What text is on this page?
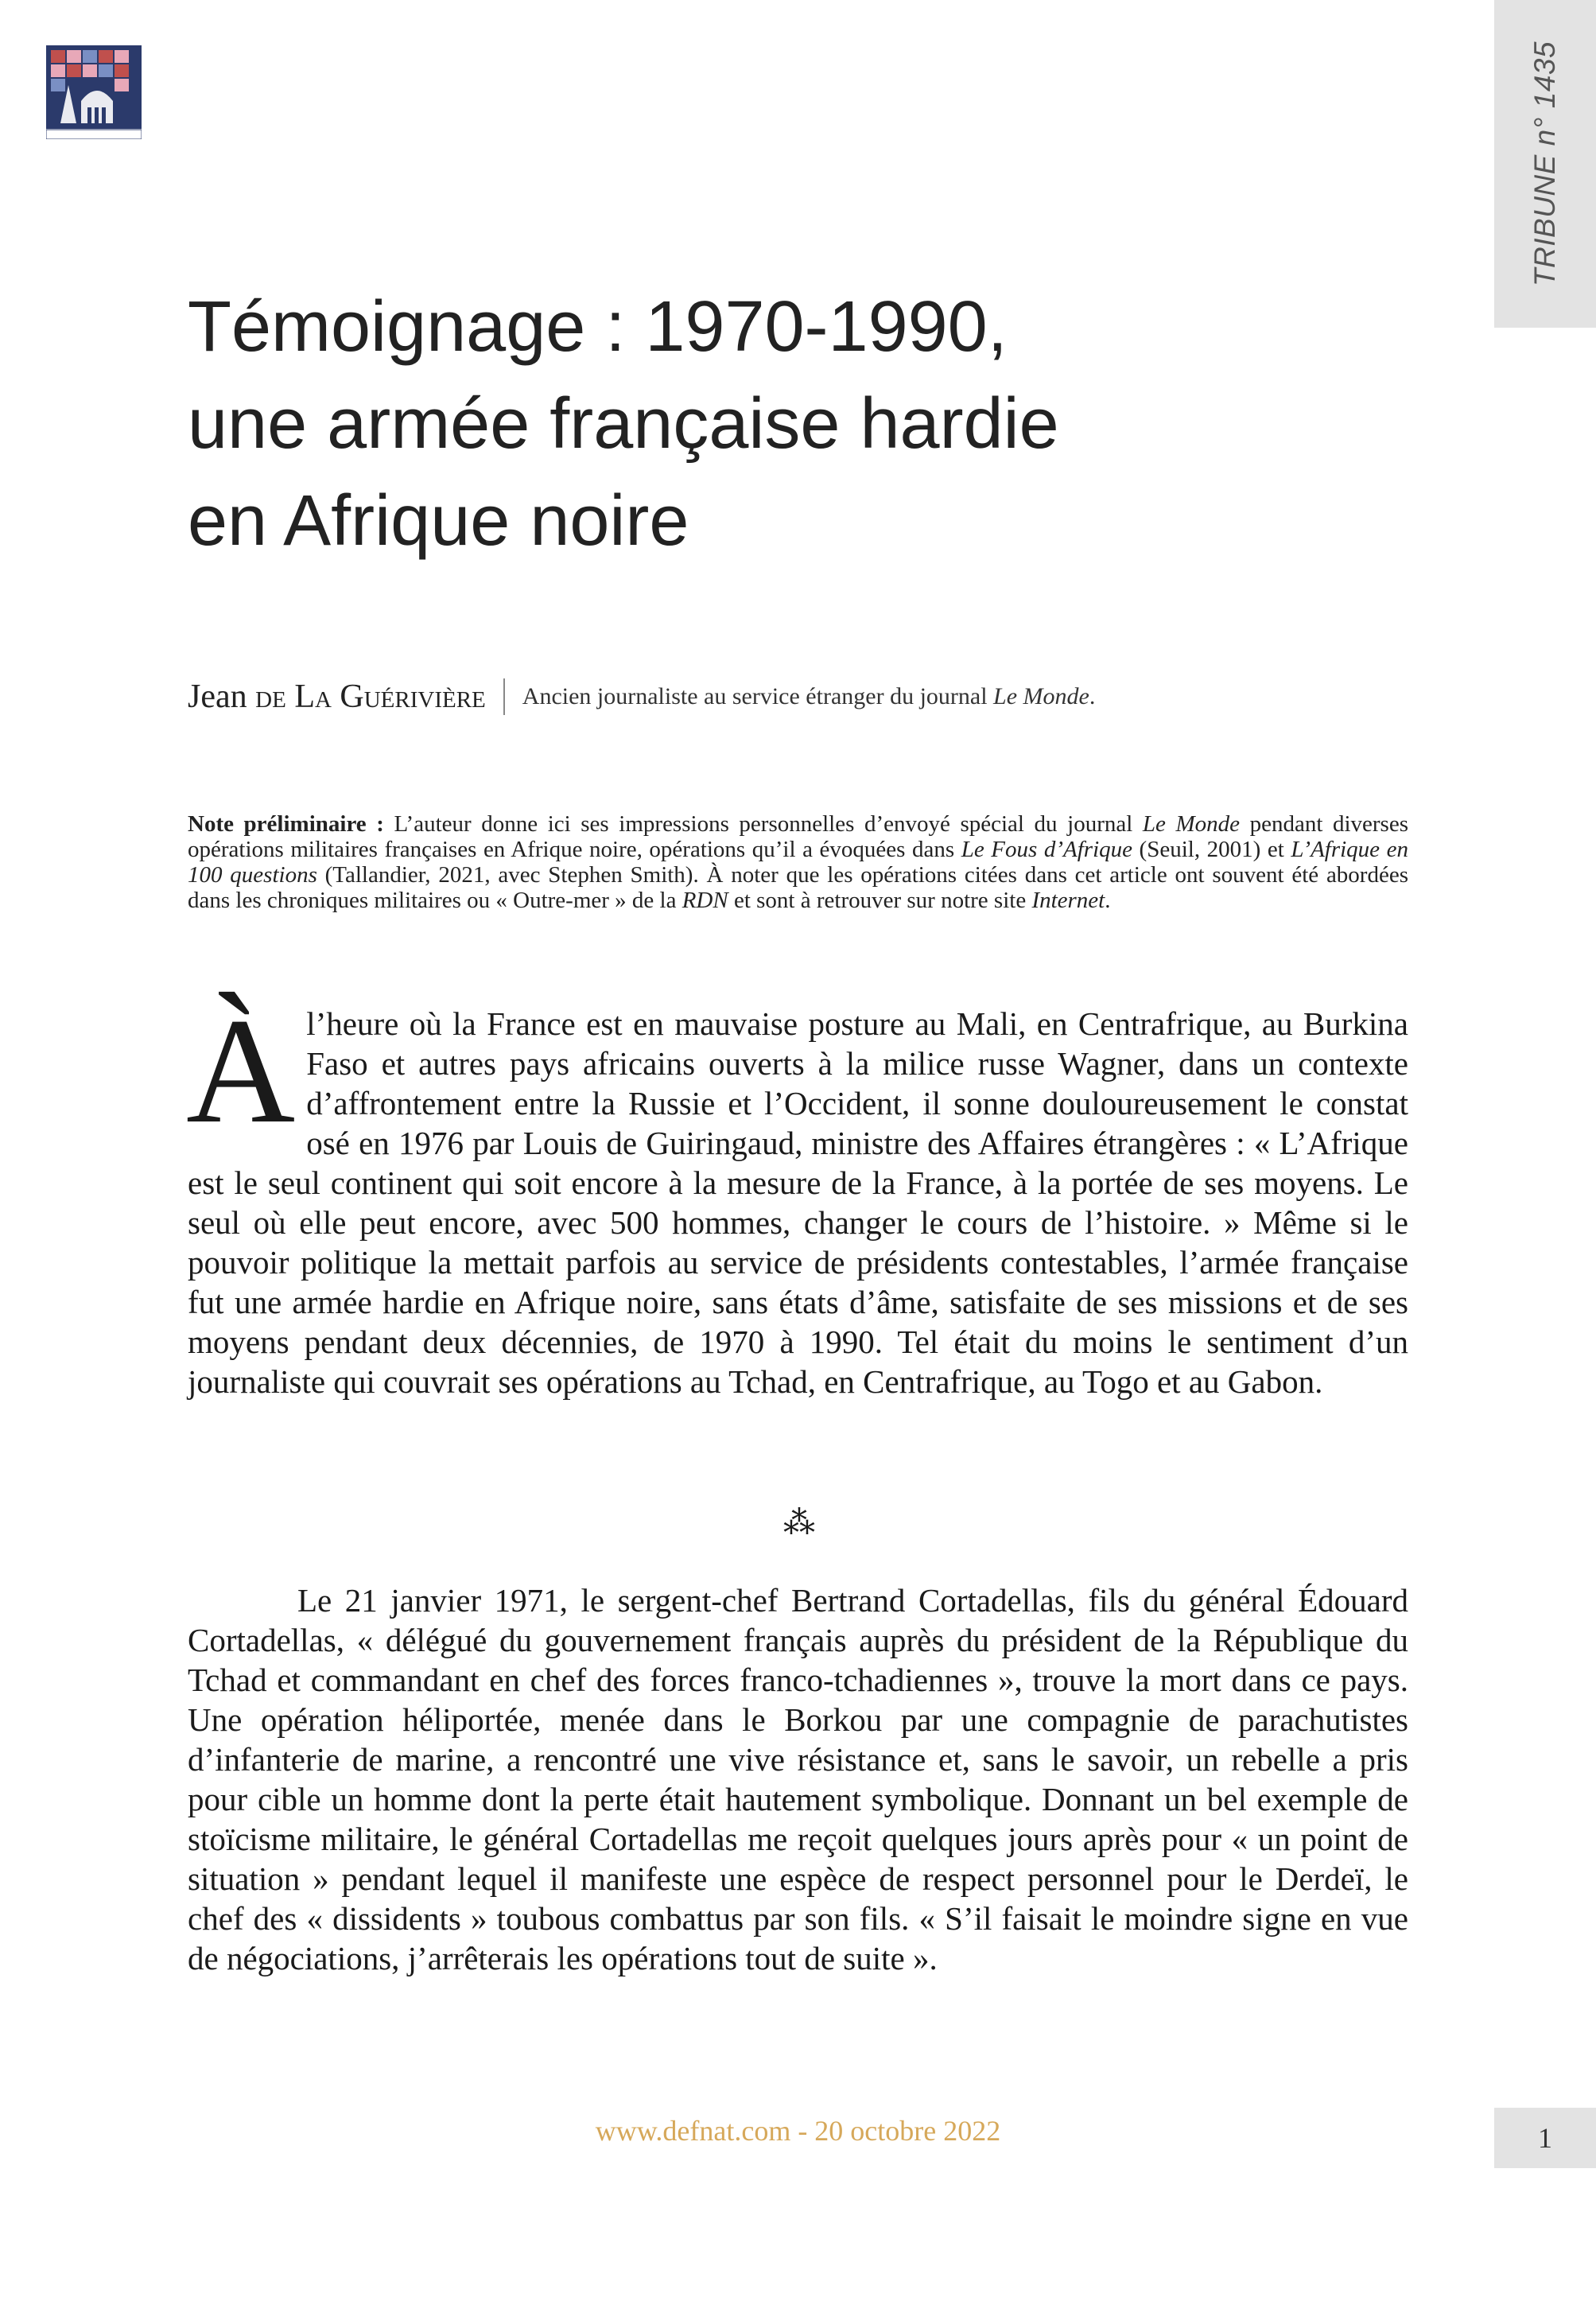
TRIBUNE n° 1435
Témoignage : 1970-1990,
une armée française hardie
en Afrique noire
Jean de La Guérivière Ancien journaliste au service étranger du journal Le Monde.

Note préliminaire : L’auteur donne ici ses impressions personnelles d’envoyé spécial du journal Le Monde pendant diverses opérations militaires françaises en Afrique noire, opérations qu’il a évoquées dans Le Fous d’Afrique (Seuil, 2001) et L’Afrique en 100 questions (Tallandier, 2021, avec Stephen Smith). À noter que les opérations citées dans cet article ont souvent été abordées dans les chroniques militaires ou « Outre-mer » de la RDN et sont à retrouver sur notre site Internet.

À l’heure où la France est en mauvaise posture au Mali, en Centrafrique, au Burkina Faso et autres pays africains ouverts à la milice russe Wagner, dans un contexte d’affrontement entre la Russie et l’Occident, il sonne douloureusement le constat osé en 1976 par Louis de Guiringaud, ministre des Affaires étrangères : « L’Afrique est le seul continent qui soit encore à la mesure de la France, à la portée de ses moyens. Le seul où elle peut encore, avec 500 hommes, changer le cours de l’histoire. » Même si le pouvoir politique la mettait parfois au service de présidents contestables, l’armée française fut une armée hardie en Afrique noire, sans états d’âme, satisfaite de ses missions et de ses moyens pendant deux décennies, de 1970 à 1990. Tel était du moins le sentiment d’un journaliste qui couvrait ses opérations au Tchad, en Centrafrique, au Togo et au Gabon.

⁂

Le 21 janvier 1971, le sergent-chef Bertrand Cortadellas, fils du général Édouard Cortadellas, « délégué du gouvernement français auprès du président de la République du Tchad et commandant en chef des forces franco-tchadiennes », trouve la mort dans ce pays. Une opération héliportée, menée dans le Borkou par une compagnie de parachutistes d’infanterie de marine, a rencontré une vive résistance et, sans le savoir, un rebelle a pris pour cible un homme dont la perte était hautement symbolique. Donnant un bel exemple de stoïcisme militaire, le général Cortadellas me reçoit quelques jours après pour « un point de situation » pendant lequel il manifeste une espèce de respect personnel pour le Derdeï, le chef des « dissidents » toubous combattus par son fils. « S’il faisait le moindre signe en vue de négociations, j’arrêterais les opérations tout de suite ».

www.defnat.com - 20 octobre 2022	1
